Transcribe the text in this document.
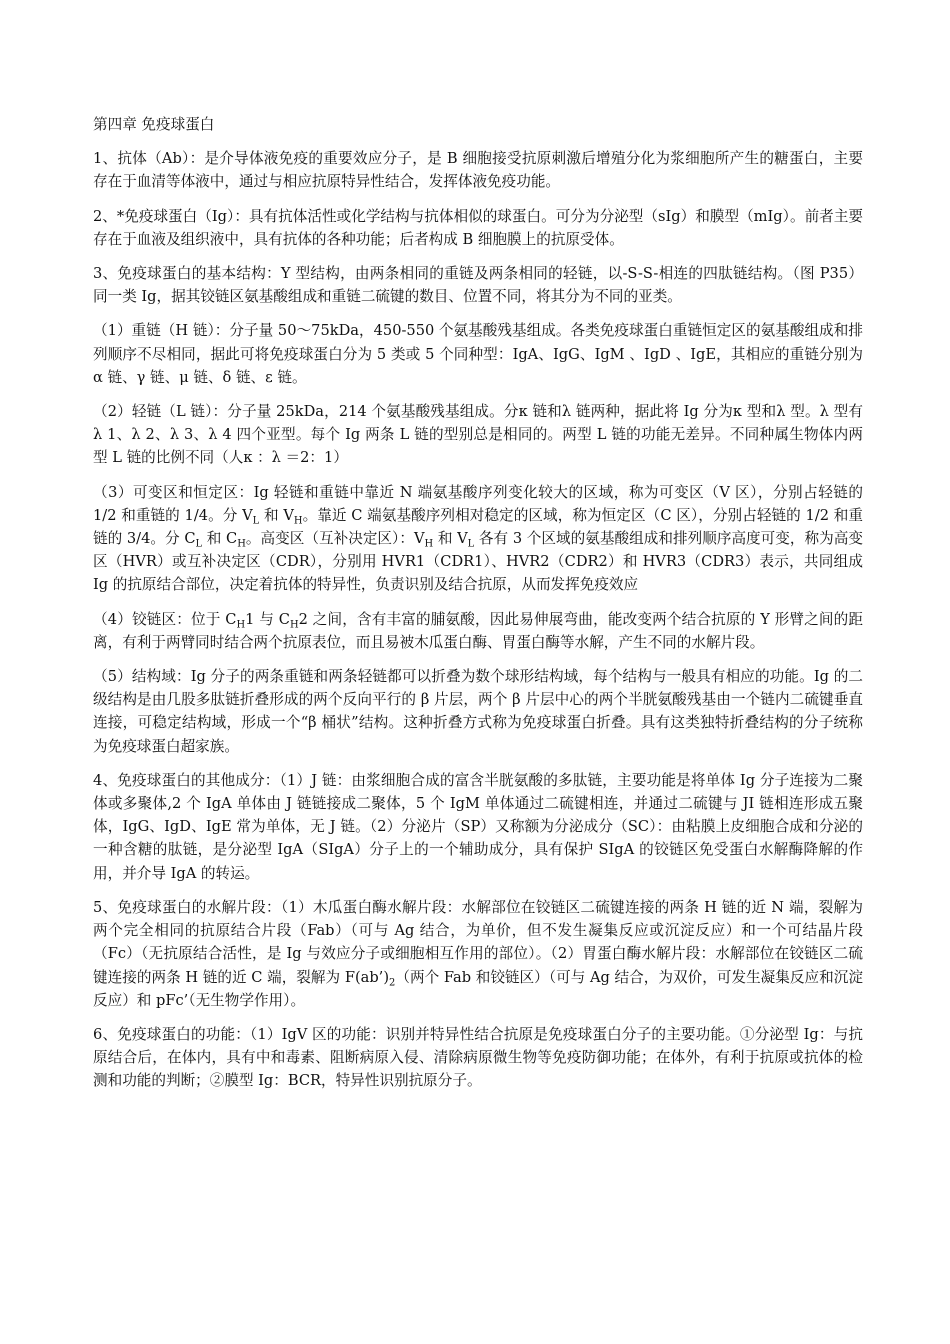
第四章 免疫球蛋白
1、抗体（Ab）：是介导体液免疫的重要效应分子，是 B 细胞接受抗原刺激后增殖分化为浆细胞所产生的糖蛋白，主要存在于血清等体液中，通过与相应抗原特异性结合，发挥体液免疫功能。
2、*免疫球蛋白（Ig）：具有抗体活性或化学结构与抗体相似的球蛋白。可分为分泌型（sIg）和膜型（mIg）。前者主要存在于血液及组织液中，具有抗体的各种功能；后者构成 B 细胞膜上的抗原受体。
3、免疫球蛋白的基本结构：Y 型结构，由两条相同的重链及两条相同的轻链，以-S-S-相连的四肽链结构。（图 P35）同一类 Ig，据其铰链区氨基酸组成和重链二硫键的数目、位置不同，将其分为不同的亚类。
（1）重链（H 链）：分子量 50～75kDa，450-550 个氨基酸残基组成。各类免疫球蛋白重链恒定区的氨基酸组成和排列顺序不尽相同，据此可将免疫球蛋白分为 5 类或 5 个同种型：IgA、IgG、IgM 、IgD 、IgE，其相应的重链分别为α 链、γ 链、μ 链、δ 链、ε 链。
（2）轻链（L 链）：分子量 25kDa，214 个氨基酸残基组成。分κ 链和λ 链两种，据此将 Ig 分为κ 型和λ 型。λ 型有λ 1、λ 2、λ 3、λ 4 四个亚型。每个 Ig 两条 L 链的型别总是相同的。两型 L 链的功能无差异。不同种属生物体内两型 L 链的比例不同（人κ ：λ ＝2：1）
（3）可变区和恒定区：Ig 轻链和重链中靠近 N 端氨基酸序列变化较大的区域，称为可变区（V 区），分别占轻链的 1/2 和重链的 1/4。分 $V_L$ 和 $V_H$。靠近 C 端氨基酸序列相对稳定的区域，称为恒定区（C 区），分别占轻链的 1/2 和重链的 3/4。分 $C_L$ 和 $C_H$。高变区（互补决定区）：$V_H$ 和 $V_L$ 各有 3 个区域的氨基酸组成和排列顺序高度可变，称为高变区（HVR）或互补决定区（CDR），分别用 HVR1（CDR1）、HVR2（CDR2）和 HVR3（CDR3）表示，共同组成 Ig 的抗原结合部位，决定着抗体的特异性，负责识别及结合抗原，从而发挥免疫效应
（4）铰链区：位于 $C_H1$ 与 $C_H2$ 之间，含有丰富的脯氨酸，因此易伸展弯曲，能改变两个结合抗原的 Y 形臂之间的距离，有利于两臂同时结合两个抗原表位，而且易被木瓜蛋白酶、胃蛋白酶等水解，产生不同的水解片段。
（5）结构域：Ig 分子的两条重链和两条轻链都可以折叠为数个球形结构域，每个结构与一般具有相应的功能。Ig 的二级结构是由几股多肽链折叠形成的两个反向平行的 β 片层，两个 β 片层中心的两个半胱氨酸残基由一个链内二硫键垂直连接，可稳定结构域，形成一个“β 桶状”结构。这种折叠方式称为免疫球蛋白折叠。具有这类独特折叠结构的分子统称为免疫球蛋白超家族。
4、免疫球蛋白的其他成分：（1）J 链：由浆细胞合成的富含半胱氨酸的多肽链，主要功能是将单体 Ig 分子连接为二聚体或多聚体,2 个 IgA 单体由 J 链链接成二聚体，5 个 IgM 单体通过二硫键相连，并通过二硫键与 JI 链相连形成五聚体，IgG、IgD、IgE 常为单体，无 J 链。（2）分泌片（SP）又称额为分泌成分（SC）：由粘膜上皮细胞合成和分泌的一种含糖的肽链，是分泌型 IgA（SIgA）分子上的一个辅助成分，具有保护 SIgA 的铰链区免受蛋白水解酶降解的作用，并介导 IgA 的转运。
5、免疫球蛋白的水解片段：（1）木瓜蛋白酶水解片段：水解部位在铰链区二硫键连接的两条 H 链的近 N 端，裂解为两个完全相同的抗原结合片段（Fab）（可与 Ag 结合，为单价，但不发生凝集反应或沉淀反应）和一个可结晶片段（Fc）（无抗原结合活性，是 Ig 与效应分子或细胞相互作用的部位）。（2）胃蛋白酶水解片段：水解部位在铰链区二硫键连接的两条 H 链的近 C 端，裂解为 $F(ab’)_2$（两个 Fab 和铰链区）（可与 Ag 结合，为双价，可发生凝集反应和沉淀反应）和 pFc’（无生物学作用）。
6、免疫球蛋白的功能：（1）IgV 区的功能：识别并特异性结合抗原是免疫球蛋白分子的主要功能。①分泌型 Ig：与抗原结合后，在体内，具有中和毒素、阻断病原入侵、清除病原微生物等免疫防御功能；在体外，有利于抗原或抗体的检测和功能的判断；②膜型 Ig：BCR，特异性识别抗原分子。
